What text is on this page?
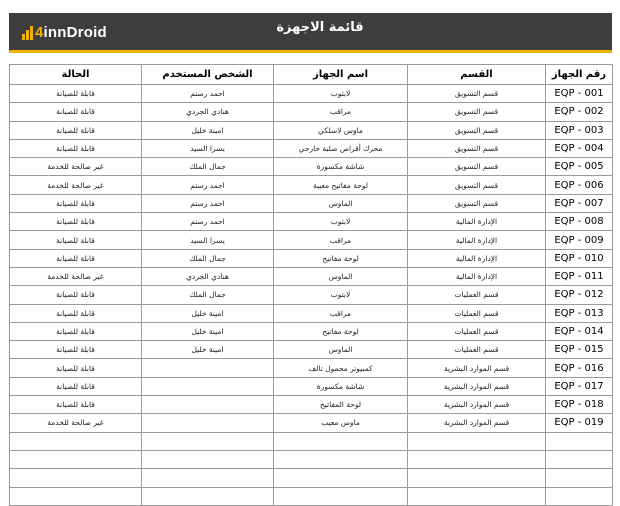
4innDroid	قائمة الاجهزة
رقم الجهاز	القسم	اسم الجهاز	الشخص المستخدم	الحالة
EQP - 001	قسم التسويق	لابتوب	احمد رستم	قابلة للصيانة
EQP - 002	قسم التسويق	مراقب	هنادي الجردي	قابلة للصيانة
EQP - 003	قسم التسويق	ماوس لاسلكي	امينة خليل	قابلة للصيانة
EQP - 004	قسم التسويق	محرك أقراص صلبة خارجي	يسرا السيد	قابلة للصيانة
EQP - 005	قسم التسويق	شاشة مكسورة	جمال الملك	غير صالحة للخدمة
EQP - 006	قسم التسويق	لوحة مفاتيح معيبة	احمد رستم	غير صالحة للخدمة
EQP - 007	قسم التسويق	الماوس	احمد رستم	قابلة للصيانة
EQP - 008	الإدارة المالية	لابتوب	احمد رستم	قابلة للصيانة
EQP - 009	الإدارة المالية	مراقب	يسرا السيد	قابلة للصيانة
EQP - 010	الإدارة المالية	لوحة مفاتيح	جمال الملك	قابلة للصيانة
EQP - 011	الإدارة المالية	الماوس	هنادي الجردي	غير صالحة للخدمة
EQP - 012	قسم العمليات	لابتوب	جمال الملك	قابلة للصيانة
EQP - 013	قسم العمليات	مراقب	امينة خليل	قابلة للصيانة
EQP - 014	قسم العمليات	لوحة مفاتيح	امينة خليل	قابلة للصيانة
EQP - 015	قسم العمليات	الماوس	امينة خليل	قابلة للصيانة
EQP - 016	قسم الموارد البشرية	كمبيوتر محمول تالف		قابلة للصيانة
EQP - 017	قسم الموارد البشرية	شاشة مكسورة		قابلة للصيانة
EQP - 018	قسم الموارد البشرية	لوحة المفاتيح		قابلة للصيانة
EQP - 019	قسم الموارد البشرية	ماوس معيب		غير صالحة للخدمة
